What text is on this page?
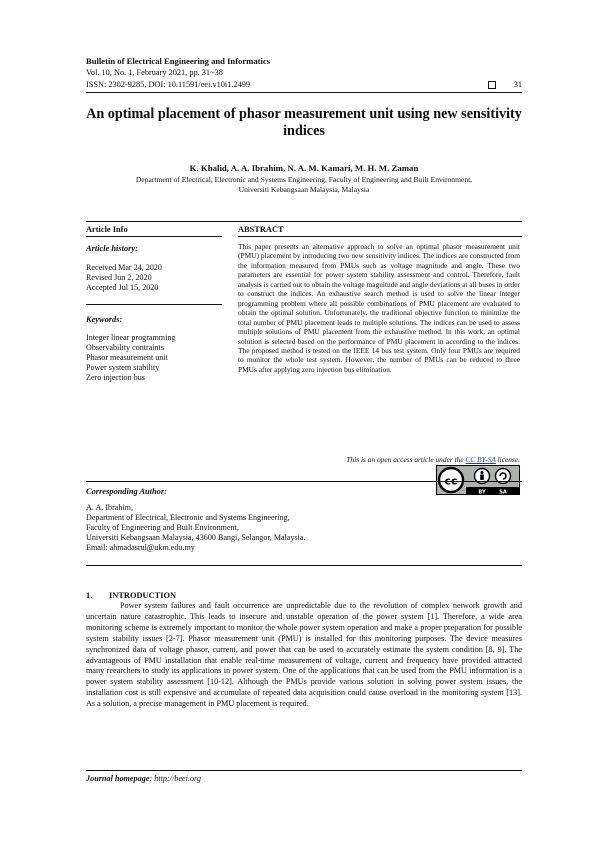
Bulletin of Electrical Engineering and Informatics
Vol. 10, No. 1, February 2021, pp. 31~38
ISSN: 2302-9285, DOI: 10.11591/eei.v10i1.2499	31
An optimal placement of phasor measurement unit using new sensitivity indices
K. Khalid, A. A. Ibrahim, N. A. M. Kamari, M. H. M. Zaman
Department of Electrical, Electronic and Systems Engineering, Faculty of Engineering and Built Environment,
Universiti Kebangsaan Malaysia, Malaysia
Article Info	ABSTRACT
Article history:
Received Mar 24, 2020
Revised Jun 2, 2020
Accepted Jul 15, 2020
Keywords:
Integer linear programming
Observability contraints
Phasor measurement unit
Power system stability
Zero injection bus
This paper presents an alternative approach to solve an optimal phasor measurement unit (PMU) placement by introducing two new sensitivity indices. The indices are constructed from the information measured from PMUs such as voltage magnitude and angle. These two parameters are essential for power system stability assessment and control. Therefore, fault analysis is carried out to obtain the voltage magnitude and angle deviations at all buses in order to construct the indices. An exhaustive search method is used to solve the linear integer programming problem where all possible combinations of PMU placement are evaluated to obtain the optimal solution. Unfortunately, the traditional objective function to minimize the total number of PMU placement leads to multiple solutions. The indices can be used to assess multiple solutions of PMU placement from the exhaustive method. In this work, an optimal solution is selected based on the performance of PMU placement in according to the indices. The proposed method is tested on the IEEE 14 bus test system. Only four PMUs are required to monitor the whole test system. However, the number of PMUs can be reduced to three PMUs after applying zero injection bus elimination.
This is an open access article under the CC BY-SA license.
cc
BY	SA
Corresponding Author:
A. A. Ibrahim,
Department of Electrical, Electronic and Systems Engineering,
Faculty of Engineering and Built Environment,
Universiti Kebangsaan Malaysia, 43600 Bangi, Selangor, Malaysia.
Email: ahmadasrul@ukm.edu.my
1.        INTRODUCTION
Power system failures and fault occurrence are unpredictable due to the revolution of complex network growth and uncertain nature catastrophic. This leads to insecure and unstable operation of the power system [1]. Therefore, a wide area monitoring scheme is extremely important to monitor the whole power system operation and make a proper preparation for possible system stability issues [2-7]. Phasor measurement unit (PMU) is installed for this monitoring purposes. The device measures synchronized data of voltage phasor, current, and power that can be used to accurately estimate the system condition [8, 9]. The advantageous of PMU installation that enable real-time measurement of voltage, current and frequency have provided attracted many reearchers to study its applications in power system. One of the applications that can be used from the PMU information is a power system stability assessment [10-12]. Although the PMUs provide various solution in solving power system issues, the installation cost is still expensive and accumulate of repeated data acquisition could cause overload in the monitoring system [13]. As a solution, a precise management in PMU placement is required.
Journal homepage: http://beei.org
